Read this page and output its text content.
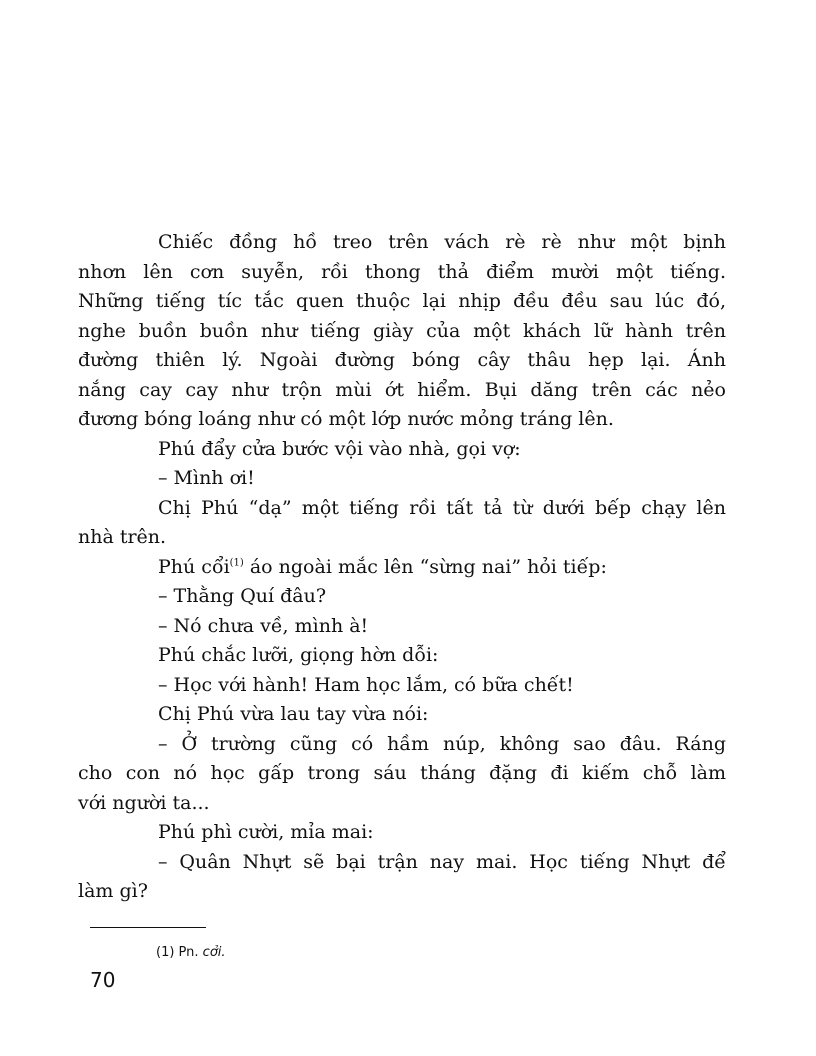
Chiếc đồng hồ treo trên vách rè rè như một bịnh
nhơn lên cơn suyễn, rồi thong thả điểm mười một tiếng.
Những tiếng tíc tắc quen thuộc lại nhịp đều đều sau lúc đó,
nghe buồn buồn như tiếng giày của một khách lữ hành trên
đường thiên lý. Ngoài đường bóng cây thâu hẹp lại. Ánh
nắng cay cay như trộn mùi ớt hiểm. Bụi dăng trên các nẻo
đương bóng loáng như có một lớp nước mỏng tráng lên.

Phú đẩy cửa bước vội vào nhà, gọi vợ:

– Mình ơi!

Chị Phú “dạ” một tiếng rồi tất tả từ dưới bếp chạy lên
nhà trên.

Phú cổi$^{(1)}$ áo ngoài mắc lên “sừng nai” hỏi tiếp:

– Thằng Quí đâu?

– Nó chưa về, mình à!

Phú chắc lưỡi, giọng hờn dỗi:

– Học với hành! Ham học lắm, có bữa chết!

Chị Phú vừa lau tay vừa nói:

– Ở trường cũng có hầm núp, không sao đâu. Ráng
cho con nó học gấp trong sáu tháng đặng đi kiếm chỗ làm
với người ta...

Phú phì cười, mỉa mai:

– Quân Nhựt sẽ bại trận nay mai. Học tiếng Nhựt để
làm gì?

(1) Pn. cởi.
70
